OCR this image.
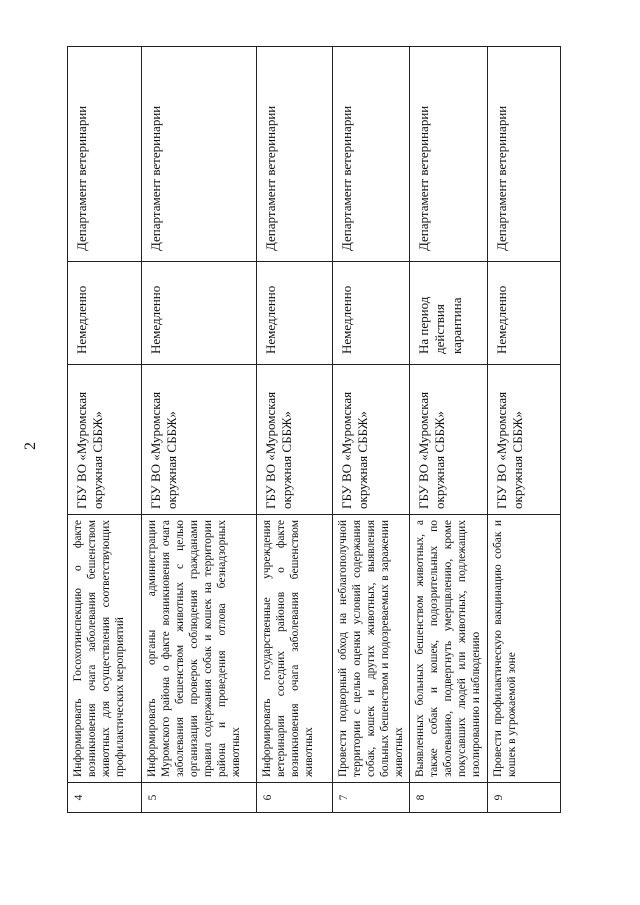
2
4	Информировать Госохотинспекцию о факте возникновения очага заболевания бешенством животных для осуществления соответствующих профилактических мероприятий	ГБУ ВО «Муромская окружная СББЖ»	Немедленно	Департамент ветеринарии
5	Информировать органы администрации Муромского района о факте возникновения очага заболевания бешенством животных с целью организации проверок соблюдения гражданами правил содержания собак и кошек на территории района и проведения отлова безнадзорных животных	ГБУ ВО «Муромская окружная СББЖ»	Немедленно	Департамент ветеринарии
6	Информировать государственные учреждения ветеринарии соседних районов о факте возникновения очага заболевания бешенством животных	ГБУ ВО «Муромская окружная СББЖ»	Немедленно	Департамент ветеринарии
7	Провести подворный обход на неблагополучной территории с целью оценки условий содержания собак, кошек и других животных, выявления больных бешенством и подозреваемых в заражении животных	ГБУ ВО «Муромская окружная СББЖ»	Немедленно	Департамент ветеринарии
8	Выявленных больных бешенством животных, а также собак и кошек, подозрительных по заболеванию, подвергнуть умерщвлению, кроме покусавших людей или животных, подлежащих изолированию и наблюдению	ГБУ ВО «Муромская окружная СББЖ»	На период действия карантина	Департамент ветеринарии
9	Провести профилактическую вакцинацию собак и кошек в угрожаемой зоне	ГБУ ВО «Муромская окружная СББЖ»	Немедленно	Департамент ветеринарии
